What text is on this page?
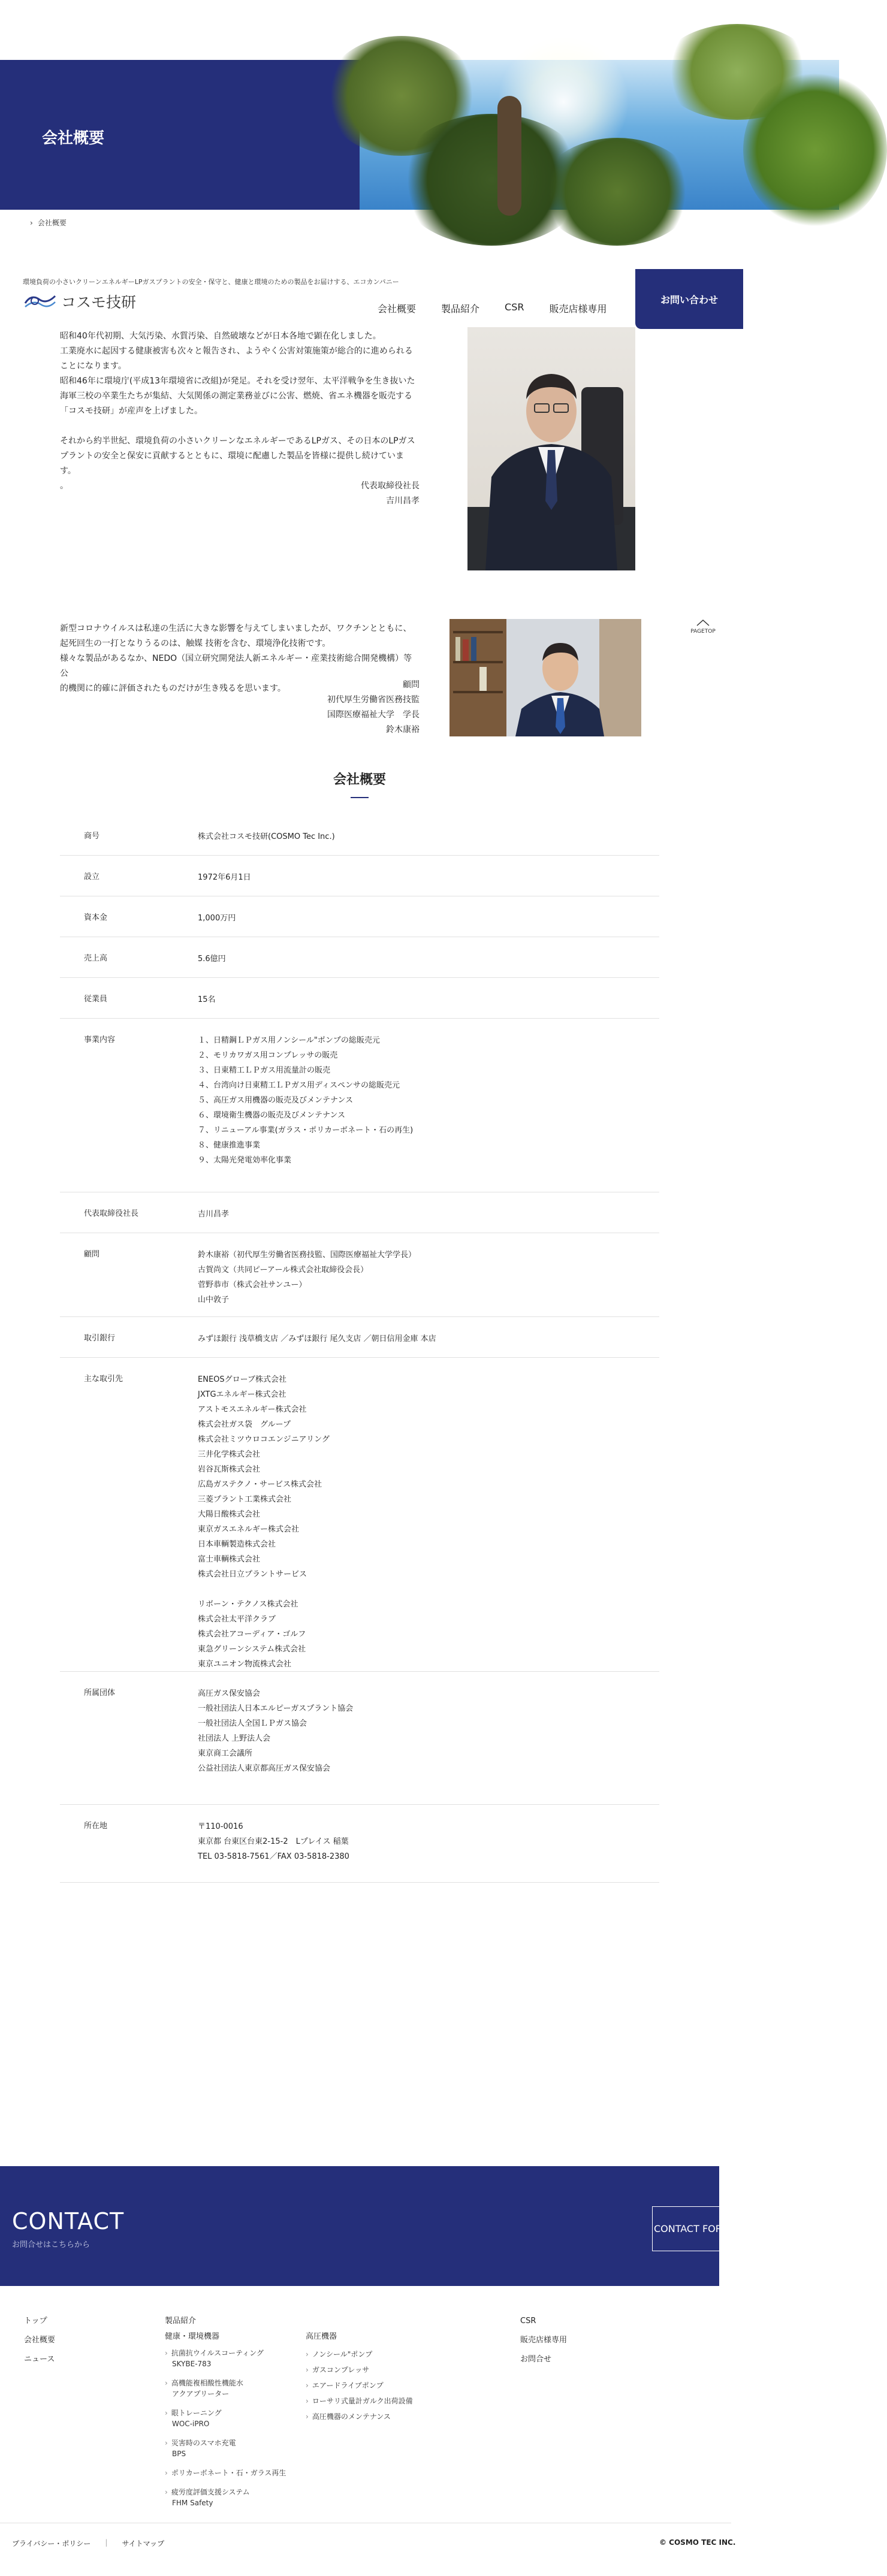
会社概要
› 会社概要
環境負荷の小さいクリーンエネルギーLPガスプラントの安全・保守と、健康と環境のための製品をお届けする、エコカンパニー
コスモ技研	会社概要	製品紹介	CSR	販売店様専用
お問い合わせ
昭和40年代初期、大気汚染、水質汚染、自然破壊などが日本各地で顕在化しました。
工業廃水に起因する健康被害も次々と報告され、ようやく公害対策施策が総合的に進められる
ことになります。
昭和46年に環境庁(平成13年環境省に改組)が発足。それを受け翌年、太平洋戦争を生き抜いた
海軍三校の卒業生たちが集結、大気関係の測定業務並びに公害、燃焼、省エネ機器を販売する
「コスモ技研」が産声を上げました。
それから約半世紀、環境負荷の小さいクリーンなエネルギーであるLPガス、その日本のLPガス
プラントの安全と保安に貢献するとともに、環境に配慮した製品を皆様に提供し続けています。
。	代表取締役社長
吉川昌孝
新型コロナウイルスは私達の生活に大きな影響を与えてしまいましたが、ワクチンとともに、
起死回生の一打となりうるのは、触媒 技術を含む、環境浄化技術です。
様々な製品があるなか、NEDO（国立研究開発法人新エネルギー・産業技術総合開発機構）等公
的機関に的確に評価されたものだけが生き残るを思います。	顧問
初代厚生労働省医務技監
国際医療福祉大学　学長
鈴木康裕
PAGETOP
会社概要
商号	株式会社コスモ技研(COSMO Tec Inc.)
設立	1972年6月1日
資本金	1,000万円
売上高	5.6億円
従業員	15名
事業内容	１、日精鋼ＬＰガス用ノンシール"ポンプの総販売元
２、モリカワガス用コンプレッサの販売
３、日東精工ＬＰガス用流量計の販売
４、台湾向け日東精工ＬＰガス用ディスペンサの総販売元
５、高圧ガス用機器の販売及びメンテナンス
６、環境衛生機器の販売及びメンテナンス
７、リニューアル事業(ガラス・ポリカーボネート・石の再生)
８、健康推進事業
９、太陽光発電効率化事業
代表取締役社長	吉川昌孝
顧問	鈴木康裕（初代厚生労働省医務技監、国際医療福祉大学学長）
古賀尚文（共同ピーアール株式会社取締役会長）
菅野恭市（株式会社サンユー）
山中敦子
取引銀行	みずほ銀行 浅草橋支店 ／みずほ銀行 尾久支店 ／朝日信用金庫 本店
主な取引先	ENEOSグローブ株式会社
JXTGエネルギー株式会社
アストモスエネルギー株式会社
株式会社ガス袋　グループ
株式会社ミツウロコエンジニアリング
三井化学株式会社
岩谷瓦斯株式会社
広島ガステクノ・サービス株式会社
三菱プラント工業株式会社
大陽日酸株式会社
東京ガスエネルギー株式会社
日本車輌製造株式会社
富士車輌株式会社
株式会社日立プラントサービス
リボーン・テクノス株式会社
株式会社太平洋クラブ
株式会社アコーディア・ゴルフ
東急グリーンシステム株式会社
東京ユニオン物流株式会社
所属団体	高圧ガス保安協会
一般社団法人日本エルピーガスプラント協会
一般社団法人全国ＬＰガス協会
社団法人 上野法人会
東京商工会議所
公益社団法人東京都高圧ガス保安協会
所在地	〒110-0016
東京都 台東区台東2-15-2　Lプレイス 稲葉
TEL 03-5818-7561／FAX 03-5818-2380
CONTACT
お問合せはこちらから
CONTACT FORM
トップ
会社概要
ニュース
製品紹介
健康・環境機器
› 抗菌抗ウイルスコーティング
SKYBE-783
› 高機能複相酸性機能水
アクアプリーター
› 眼トレーニング
WOC-iPRO
› 災害時のスマホ充電
BPS
› ポリカーボネート・石・ガラス再生
› 疲労度評価支援システム
FHM Safety
高圧機器
› ノンシール"ポンプ
› ガスコンプレッサ
› エアードライブポンプ
› ローサリ式量計ガルク出荷設備
› 高圧機器のメンテナンス
CSR
販売店様専用
お問合せ
プライバシー・ポリシー | サイトマップ	© COSMO TEC INC.
